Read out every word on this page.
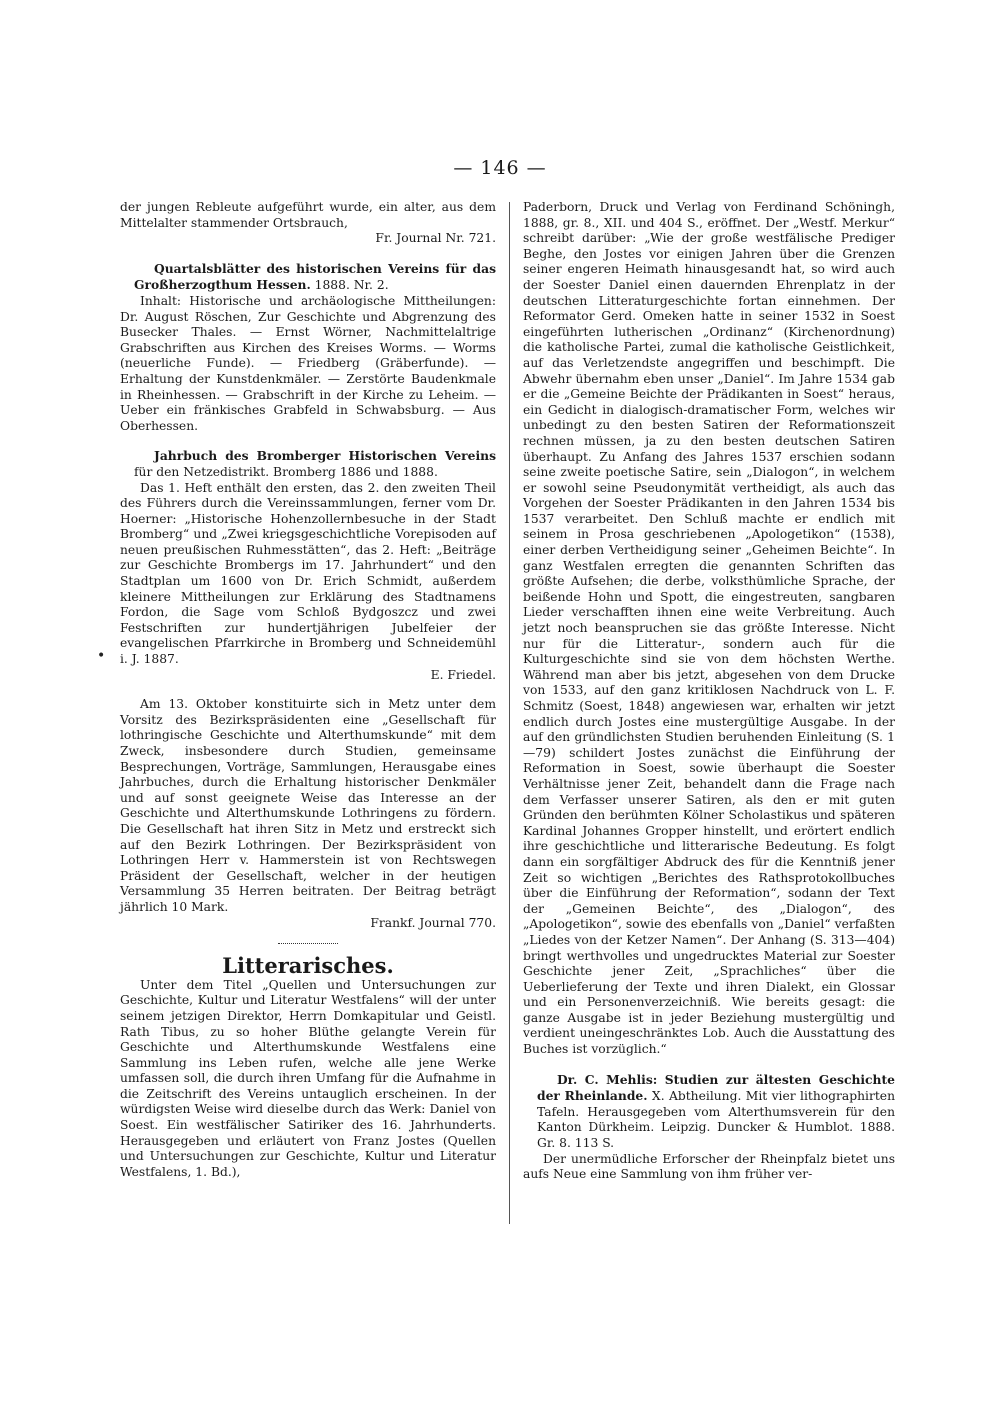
— 146 —
•

der jungen Rebleute aufgeführt wurde, ein alter, aus dem Mittelalter stammender Ortsbrauch,

Fr. Journal Nr. 721.

Quartalsblätter des historischen Vereins für das Großherzogthum Hessen. 1888. Nr. 2.

Inhalt: Historische und archäologische Mittheilungen: Dr. August Röschen, Zur Geschichte und Abgrenzung des Busecker Thales. — Ernst Wörner, Nachmittelaltrige Grabschriften aus Kirchen des Kreises Worms. — Worms (neuerliche Funde). — Friedberg (Gräberfunde). — Erhaltung der Kunstdenkmäler. — Zerstörte Baudenkmale in Rheinhessen. — Grabschrift in der Kirche zu Leheim. — Ueber ein fränkisches Grabfeld in Schwabsburg. — Aus Oberhessen.

Jahrbuch des Bromberger Historischen Vereins für den Netzedistrikt. Bromberg 1886 und 1888.

Das 1. Heft enthält den ersten, das 2. den zweiten Theil des Führers durch die Vereinssammlungen, ferner vom Dr. Hoerner: „Historische Hohenzollernbesuche in der Stadt Bromberg“ und „Zwei kriegsgeschichtliche Vorepisoden auf neuen preußischen Ruhmesstätten“, das 2. Heft: „Beiträge zur Geschichte Brombergs im 17. Jahrhundert“ und den Stadtplan um 1600 von Dr. Erich Schmidt, außerdem kleinere Mittheilungen zur Erklärung des Stadtnamens Fordon, die Sage vom Schloß Bydgoszcz und zwei Festschriften zur hundertjährigen Jubelfeier der evangelischen Pfarrkirche in Bromberg und Schneidemühl i. J. 1887.

E. Friedel.

Am 13. Oktober konstituirte sich in Metz unter dem Vorsitz des Bezirkspräsidenten eine „Gesellschaft für lothringische Geschichte und Alterthumskunde“ mit dem Zweck, insbesondere durch Studien, gemeinsame Besprechungen, Vorträge, Sammlungen, Herausgabe eines Jahrbuches, durch die Erhaltung historischer Denkmäler und auf sonst geeignete Weise das Interesse an der Geschichte und Alterthumskunde Lothringens zu fördern. Die Gesellschaft hat ihren Sitz in Metz und erstreckt sich auf den Bezirk Lothringen. Der Bezirkspräsident von Lothringen Herr v. Hammerstein ist von Rechtswegen Präsident der Gesellschaft, welcher in der heutigen Versammlung 35 Herren beitraten. Der Beitrag beträgt jährlich 10 Mark.

Frankf. Journal 770.

Litterarisches.

Unter dem Titel „Quellen und Untersuchungen zur Geschichte, Kultur und Literatur Westfalens“ will der unter seinem jetzigen Direktor, Herrn Domkapitular und Geistl. Rath Tibus, zu so hoher Blüthe gelangte Verein für Geschichte und Alterthumskunde Westfalens eine Sammlung ins Leben rufen, welche alle jene Werke umfassen soll, die durch ihren Umfang für die Aufnahme in die Zeitschrift des Vereins untauglich erscheinen. In der würdigsten Weise wird dieselbe durch das Werk: Daniel von Soest. Ein westfälischer Satiriker des 16. Jahrhunderts. Herausgegeben und erläutert von Franz Jostes (Quellen und Untersuchungen zur Geschichte, Kultur und Literatur Westfalens, 1. Bd.),

Paderborn, Druck und Verlag von Ferdinand Schöningh, 1888, gr. 8., XII. und 404 S., eröffnet. Der „Westf. Merkur“ schreibt darüber: „Wie der große westfälische Prediger Beghe, den Jostes vor einigen Jahren über die Grenzen seiner engeren Heimath hinausgesandt hat, so wird auch der Soester Daniel einen dauernden Ehrenplatz in der deutschen Litteraturgeschichte fortan einnehmen. Der Reformator Gerd. Omeken hatte in seiner 1532 in Soest eingeführten lutherischen „Ordinanz“ (Kirchenordnung) die katholische Partei, zumal die katholische Geistlichkeit, auf das Verletzendste angegriffen und beschimpft. Die Abwehr übernahm eben unser „Daniel“. Im Jahre 1534 gab er die „Gemeine Beichte der Prädikanten in Soest“ heraus, ein Gedicht in dialogisch-dramatischer Form, welches wir unbedingt zu den besten Satiren der Reformationszeit rechnen müssen, ja zu den besten deutschen Satiren überhaupt. Zu Anfang des Jahres 1537 erschien sodann seine zweite poetische Satire, sein „Dialogon“, in welchem er sowohl seine Pseudonymität vertheidigt, als auch das Vorgehen der Soester Prädikanten in den Jahren 1534 bis 1537 verarbeitet. Den Schluß machte er endlich mit seinem in Prosa geschriebenen „Apologetikon“ (1538), einer derben Vertheidigung seiner „Geheimen Beichte“. In ganz Westfalen erregten die genannten Schriften das größte Aufsehen; die derbe, volksthümliche Sprache, der beißende Hohn und Spott, die eingestreuten, sangbaren Lieder verschafften ihnen eine weite Verbreitung. Auch jetzt noch beanspruchen sie das größte Interesse. Nicht nur für die Litteratur-, sondern auch für die Kulturgeschichte sind sie von dem höchsten Werthe. Während man aber bis jetzt, abgesehen von dem Drucke von 1533, auf den ganz kritiklosen Nachdruck von L. F. Schmitz (Soest, 1848) angewiesen war, erhalten wir jetzt endlich durch Jostes eine mustergültige Ausgabe. In der auf den gründlichsten Studien beruhenden Einleitung (S. 1—79) schildert Jostes zunächst die Einführung der Reformation in Soest, sowie überhaupt die Soester Verhältnisse jener Zeit, behandelt dann die Frage nach dem Verfasser unserer Satiren, als den er mit guten Gründen den berühmten Kölner Scholastikus und späteren Kardinal Johannes Gropper hinstellt, und erörtert endlich ihre geschichtliche und litterarische Bedeutung. Es folgt dann ein sorgfältiger Abdruck des für die Kenntniß jener Zeit so wichtigen „Berichtes des Rathsprotokollbuches über die Einführung der Reformation“, sodann der Text der „Gemeinen Beichte“, des „Dialogon“, des „Apologetikon“, sowie des ebenfalls von „Daniel“ verfaßten „Liedes von der Ketzer Namen“. Der Anhang (S. 313—404) bringt werthvolles und ungedrucktes Material zur Soester Geschichte jener Zeit, „Sprachliches“ über die Ueberlieferung der Texte und ihren Dialekt, ein Glossar und ein Personenverzeichniß. Wie bereits gesagt: die ganze Ausgabe ist in jeder Beziehung mustergültig und verdient uneingeschränktes Lob. Auch die Ausstattung des Buches ist vorzüglich.“

Dr. C. Mehlis: Studien zur ältesten Geschichte der Rheinlande. X. Abtheilung. Mit vier lithographirten Tafeln. Herausgegeben vom Alterthumsverein für den Kanton Dürkheim. Leipzig. Duncker & Humblot. 1888. Gr. 8. 113 S.

Der unermüdliche Erforscher der Rheinpfalz bietet uns aufs Neue eine Sammlung von ihm früher ver-
